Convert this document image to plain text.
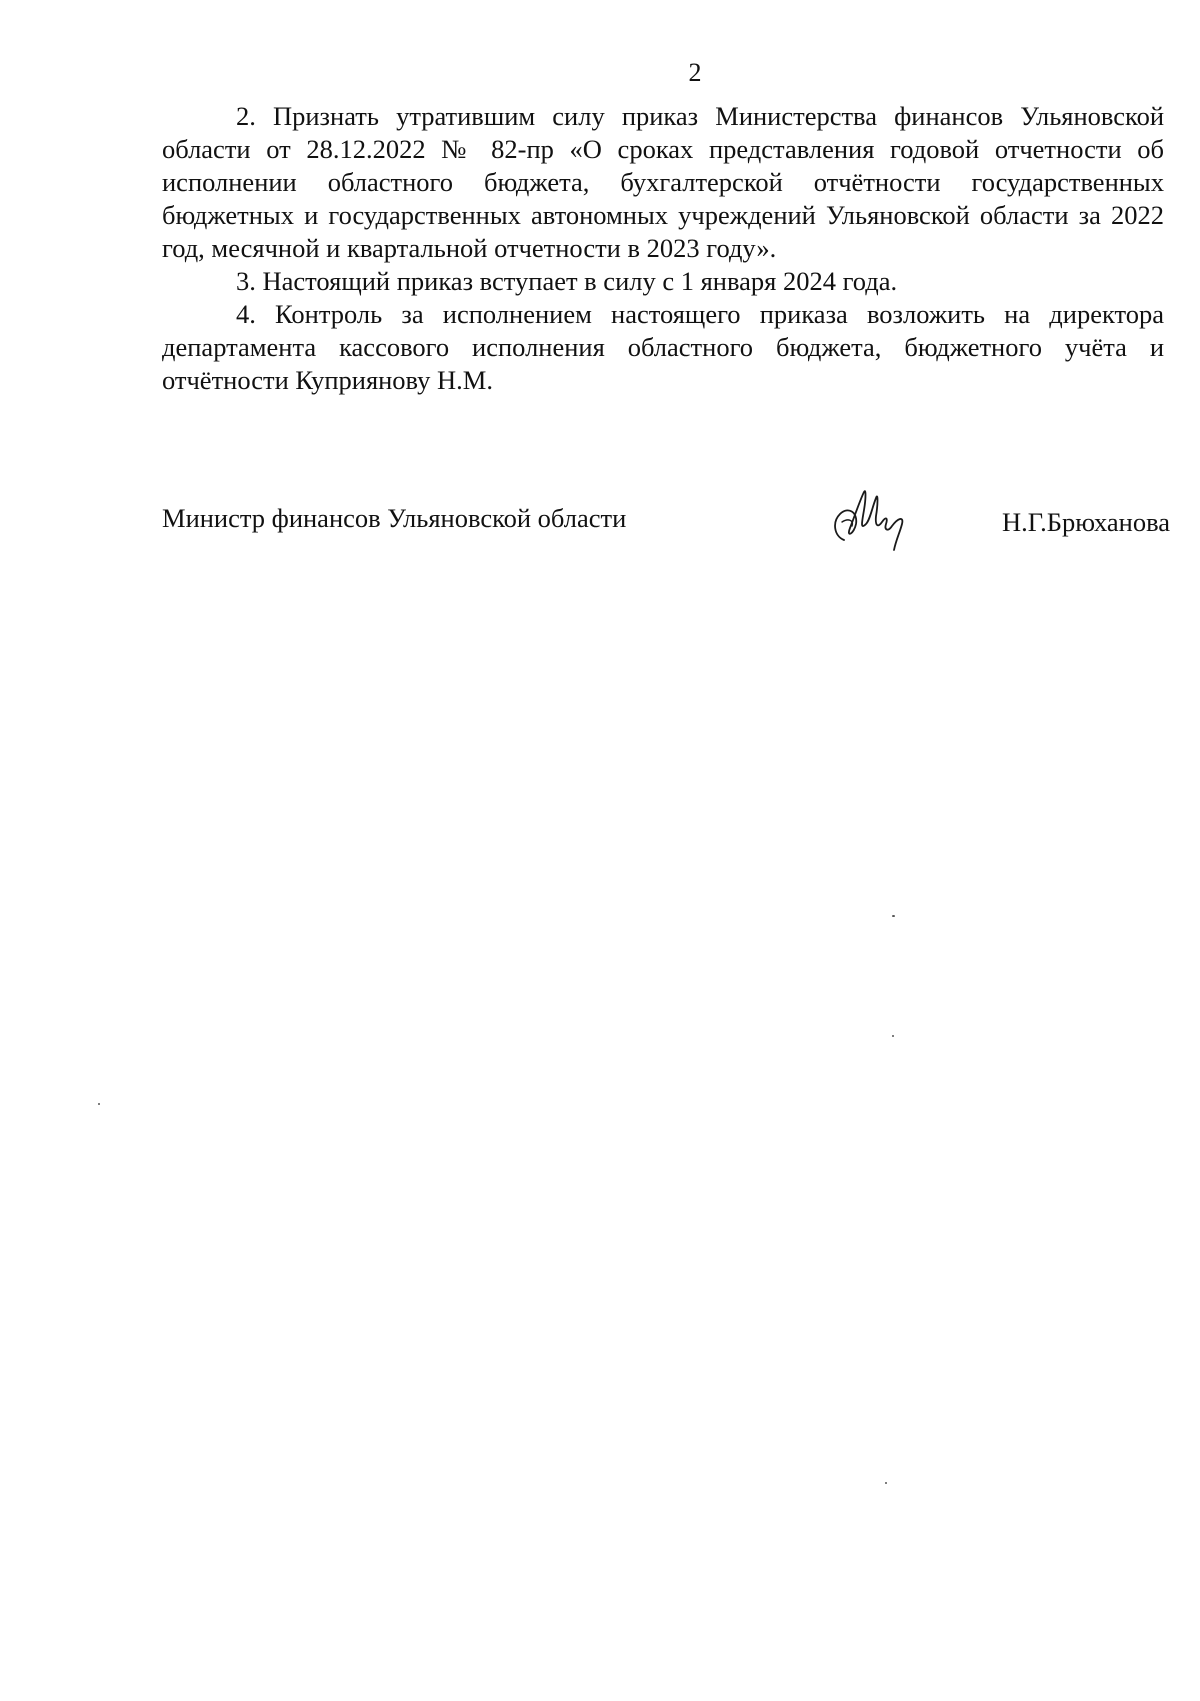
2

2. Признать утратившим силу приказ Министерства финансов Ульяновской области от 28.12.2022 № 82-пр «О сроках представления годовой отчетности об исполнении областного бюджета, бухгалтерской отчётности государственных бюджетных и государственных автономных учреждений Ульяновской области за 2022 год, месячной и квартальной отчетности в 2023 году».

3. Настоящий приказ вступает в силу с 1 января 2024 года.

4. Контроль за исполнением настоящего приказа возложить на директора департамента кассового исполнения областного бюджета, бюджетного учёта и отчётности Куприянову Н.М.

Министр финансов Ульяновской области	Н.Г.Брюханова
